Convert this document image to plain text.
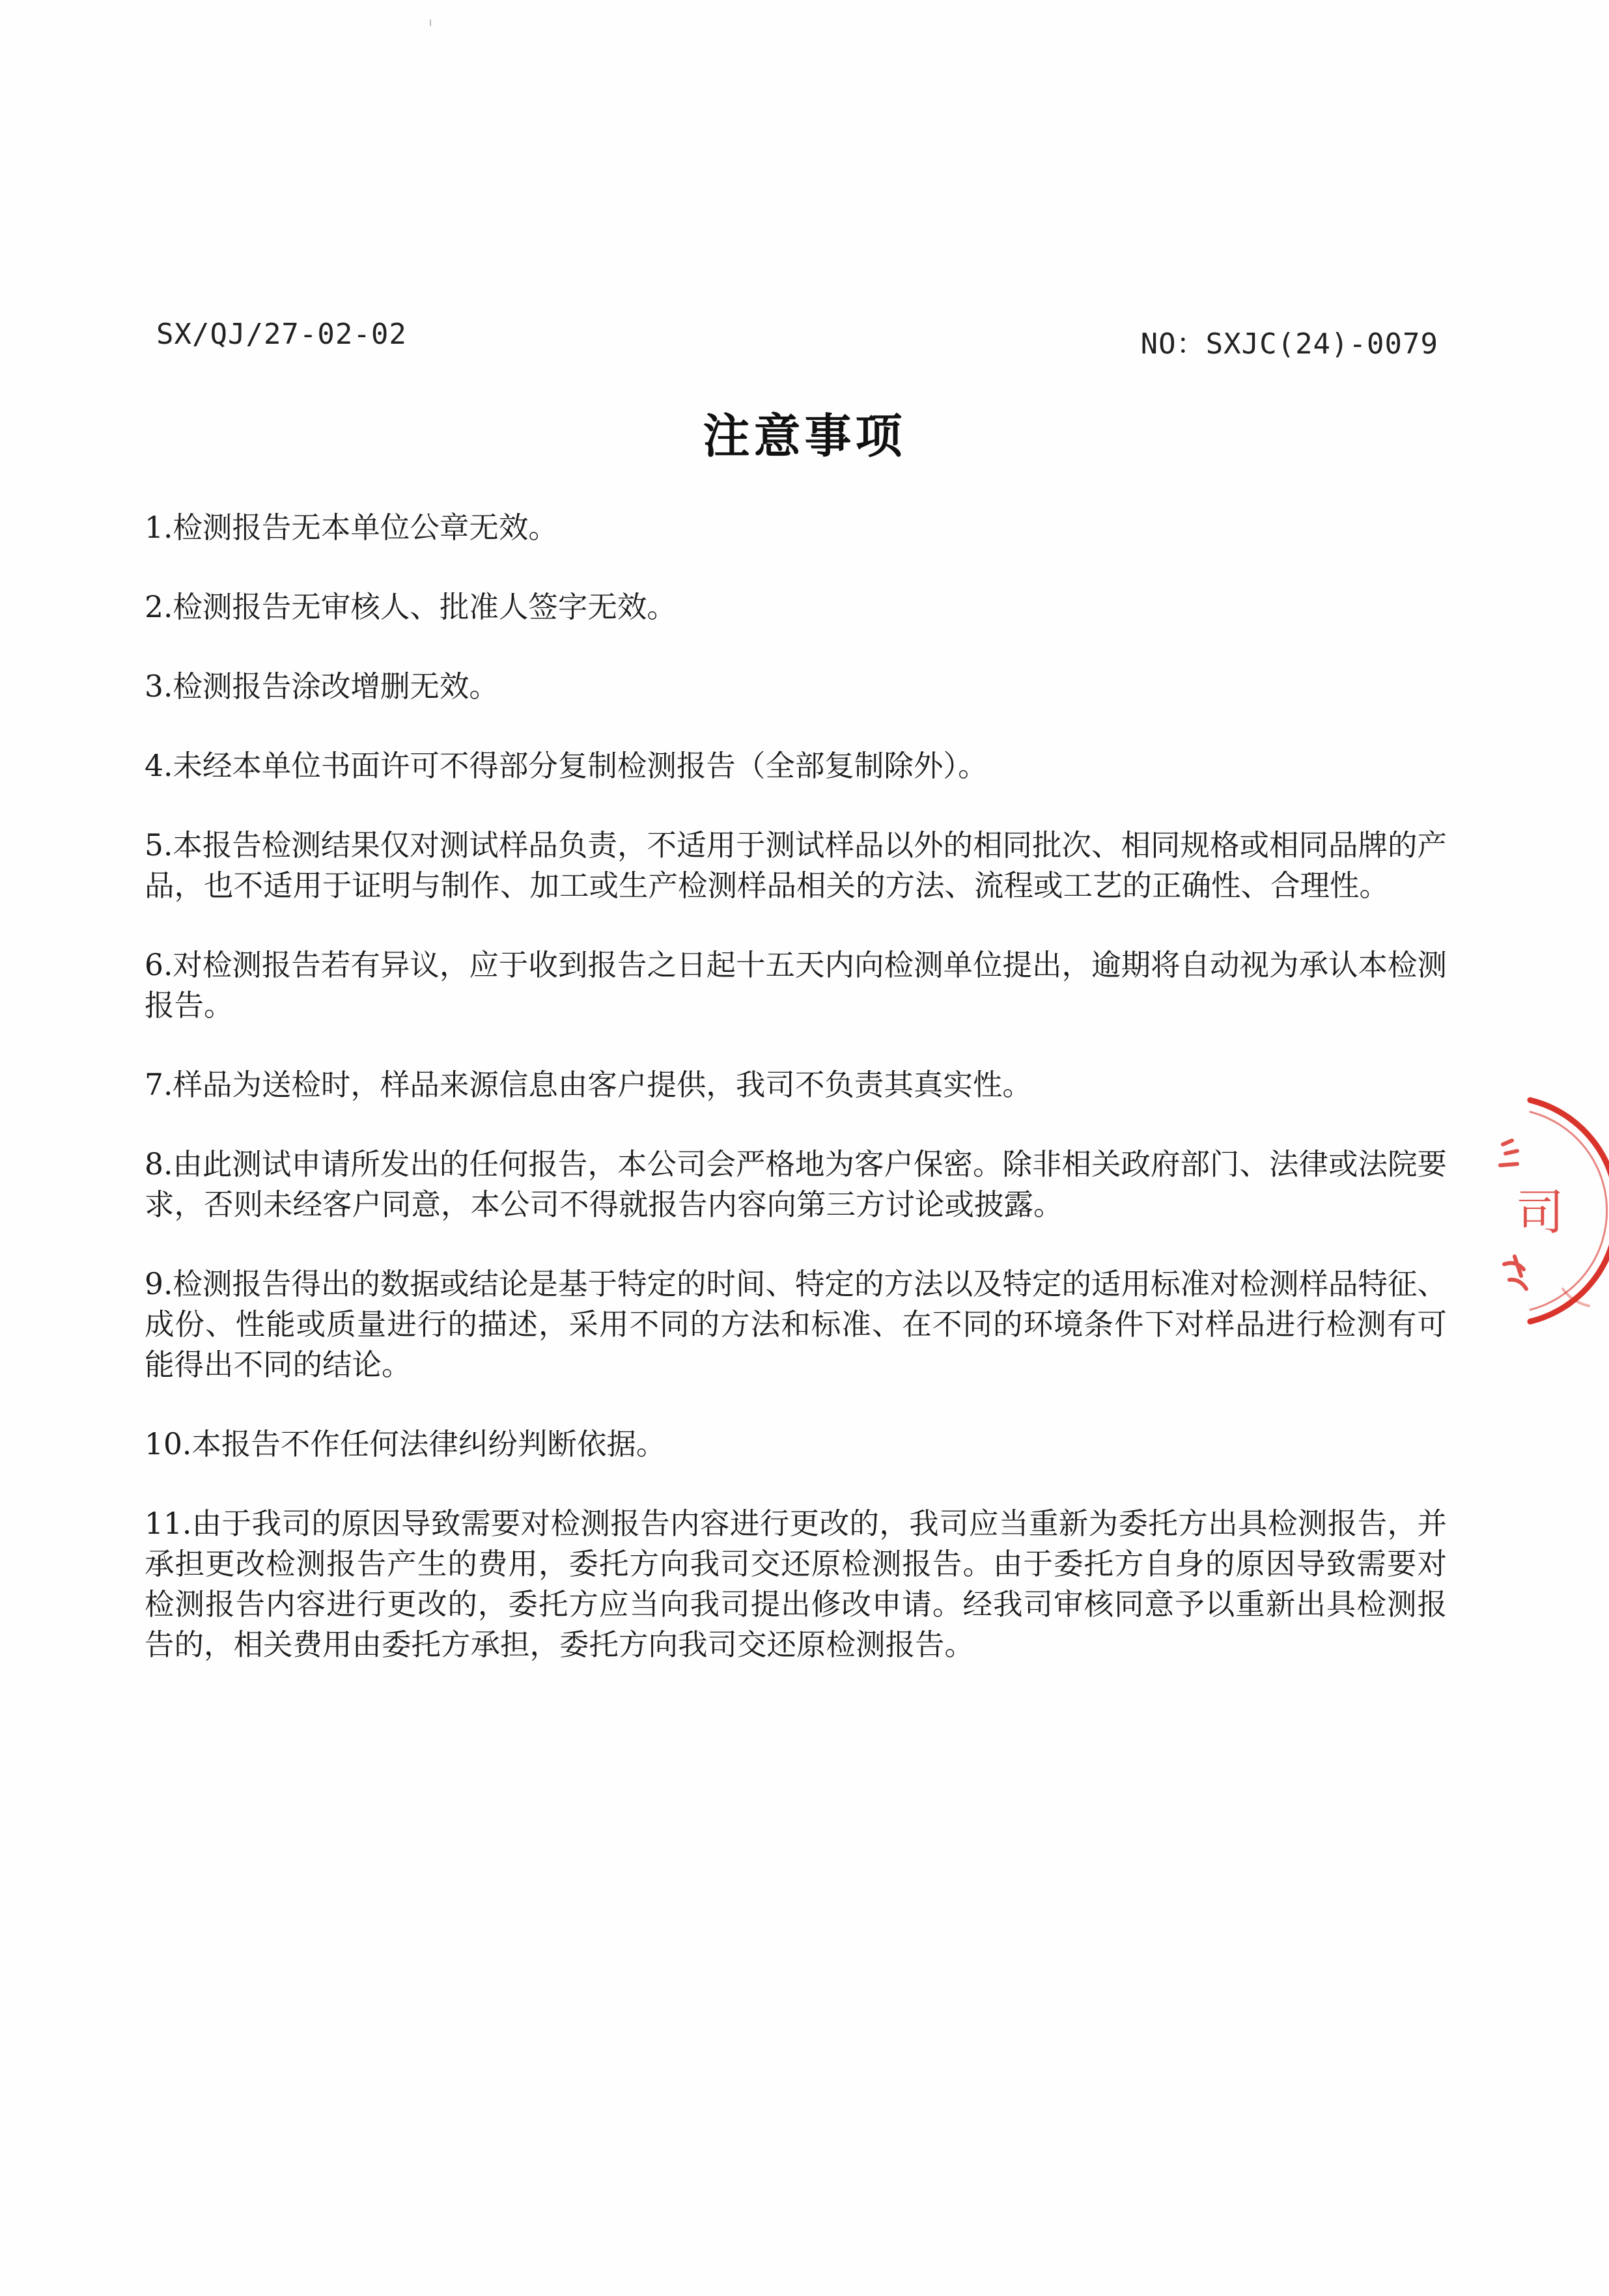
SX/QJ/27-02-02	NO：SXJC(24)-0079
注意事项
1.检测报告无本单位公章无效。
2.检测报告无审核人、批准人签字无效。
3.检测报告涂改增删无效。
4.未经本单位书面许可不得部分复制检测报告（全部复制除外）。
5.本报告检测结果仅对测试样品负责，不适用于测试样品以外的相同批次、相同规格或相同品牌的产品，也不适用于证明与制作、加工或生产检测样品相关的方法、流程或工艺的正确性、合理性。
6.对检测报告若有异议，应于收到报告之日起十五天内向检测单位提出，逾期将自动视为承认本检测报告。
7.样品为送检时，样品来源信息由客户提供，我司不负责其真实性。
8.由此测试申请所发出的任何报告，本公司会严格地为客户保密。除非相关政府部门、法律或法院要求，否则未经客户同意，本公司不得就报告内容向第三方讨论或披露。
9.检测报告得出的数据或结论是基于特定的时间、特定的方法以及特定的适用标准对检测样品特征、成份、性能或质量进行的描述，采用不同的方法和标准、在不同的环境条件下对样品进行检测有可能得出不同的结论。
10.本报告不作任何法律纠纷判断依据。
11.由于我司的原因导致需要对检测报告内容进行更改的，我司应当重新为委托方出具检测报告，并承担更改检测报告产生的费用，委托方向我司交还原检测报告。由于委托方自身的原因导致需要对检测报告内容进行更改的，委托方应当向我司提出修改申请。经我司审核同意予以重新出具检测报告的，相关费用由委托方承担，委托方向我司交还原检测报告。
司
